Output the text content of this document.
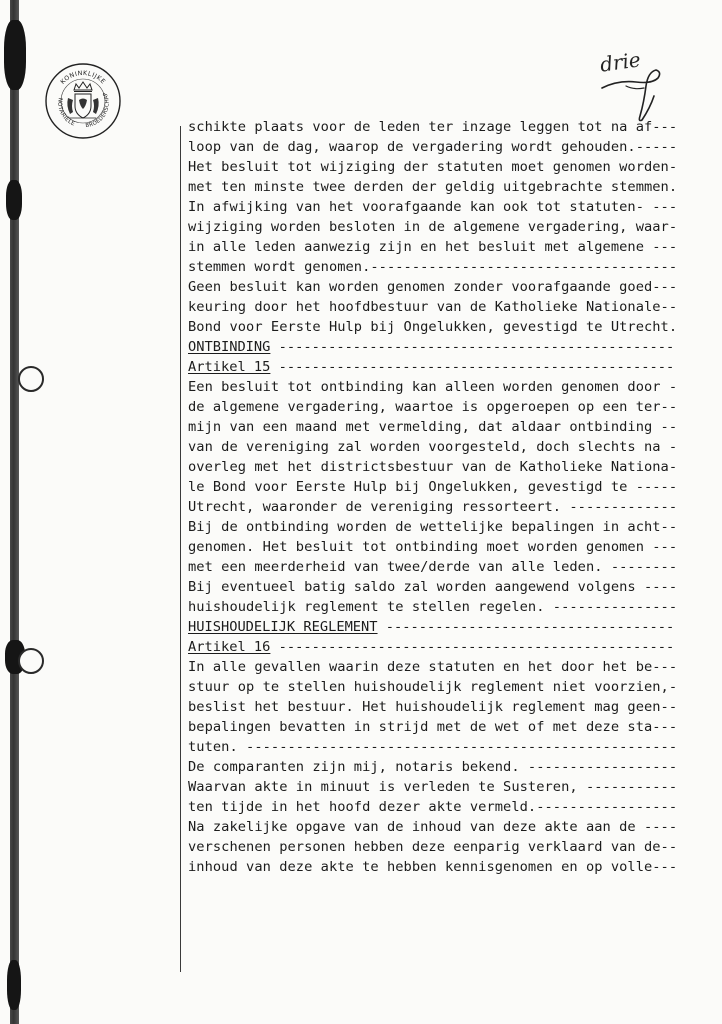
KONINKLIJKE
NOTARIËLE BROEDERSCHAP
drie
schikte plaats voor de leden ter inzage leggen tot na af---
loop van de dag, waarop de vergadering wordt gehouden.-----
Het besluit tot wijziging der statuten moet genomen worden-
met ten minste twee derden der geldig uitgebrachte stemmen.
In afwijking van het voorafgaande kan ook tot statuten- ---
wijziging worden besloten in de algemene vergadering, waar-
in alle leden aanwezig zijn en het besluit met algemene ---
stemmen wordt genomen.-------------------------------------
Geen besluit kan worden genomen zonder voorafgaande goed---
keuring door het hoofdbestuur van de Katholieke Nationale--
Bond voor Eerste Hulp bij Ongelukken, gevestigd te Utrecht.
ONTBINDING ------------------------------------------------
Artikel 15 ------------------------------------------------
Een besluit tot ontbinding kan alleen worden genomen door -
de algemene vergadering, waartoe is opgeroepen op een ter--
mijn van een maand met vermelding, dat aldaar ontbinding --
van de vereniging zal worden voorgesteld, doch slechts na -
overleg met het districtsbestuur van de Katholieke Nationa-
le Bond voor Eerste Hulp bij Ongelukken, gevestigd te -----
Utrecht, waaronder de vereniging ressorteert. -------------
Bij de ontbinding worden de wettelijke bepalingen in acht--
genomen. Het besluit tot ontbinding moet worden genomen ---
met een meerderheid van twee/derde van alle leden. --------
Bij eventueel batig saldo zal worden aangewend volgens ----
huishoudelijk reglement te stellen regelen. ---------------
HUISHOUDELIJK REGLEMENT -----------------------------------
Artikel 16 ------------------------------------------------
In alle gevallen waarin deze statuten en het door het be---
stuur op te stellen huishoudelijk reglement niet voorzien,-
beslist het bestuur. Het huishoudelijk reglement mag geen--
bepalingen bevatten in strijd met de wet of met deze sta---
tuten. ----------------------------------------------------
De comparanten zijn mij, notaris bekend. ------------------
Waarvan akte in minuut is verleden te Susteren, -----------
ten tijde in het hoofd dezer akte vermeld.-----------------
Na zakelijke opgave van de inhoud van deze akte aan de ----
verschenen personen hebben deze eenparig verklaard van de--
inhoud van deze akte te hebben kennisgenomen en op volle---
